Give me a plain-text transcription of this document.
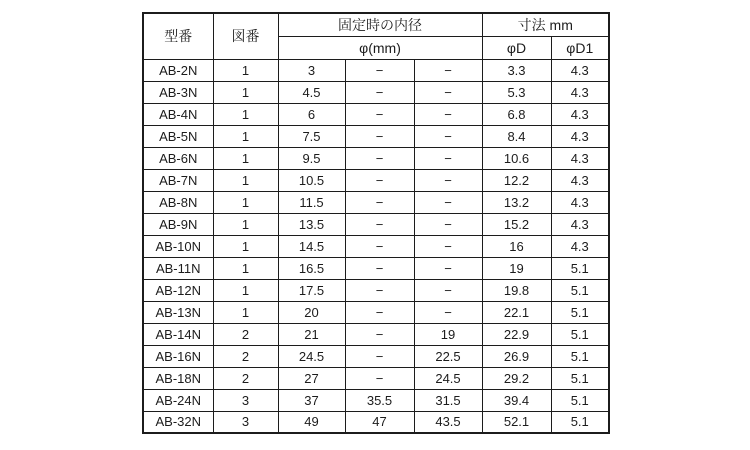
型番	図番	固定時の内径			寸法 mm	
		φ(mm)			φD	φD1
AB-2N	1	3	−	−	3.3	4.3
AB-3N	1	4.5	−	−	5.3	4.3
AB-4N	1	6	−	−	6.8	4.3
AB-5N	1	7.5	−	−	8.4	4.3
AB-6N	1	9.5	−	−	10.6	4.3
AB-7N	1	10.5	−	−	12.2	4.3
AB-8N	1	11.5	−	−	13.2	4.3
AB-9N	1	13.5	−	−	15.2	4.3
AB-10N	1	14.5	−	−	16	4.3
AB-11N	1	16.5	−	−	19	5.1
AB-12N	1	17.5	−	−	19.8	5.1
AB-13N	1	20	−	−	22.1	5.1
AB-14N	2	21	−	19	22.9	5.1
AB-16N	2	24.5	−	22.5	26.9	5.1
AB-18N	2	27	−	24.5	29.2	5.1
AB-24N	3	37	35.5	31.5	39.4	5.1
AB-32N	3	49	47	43.5	52.1	5.1
